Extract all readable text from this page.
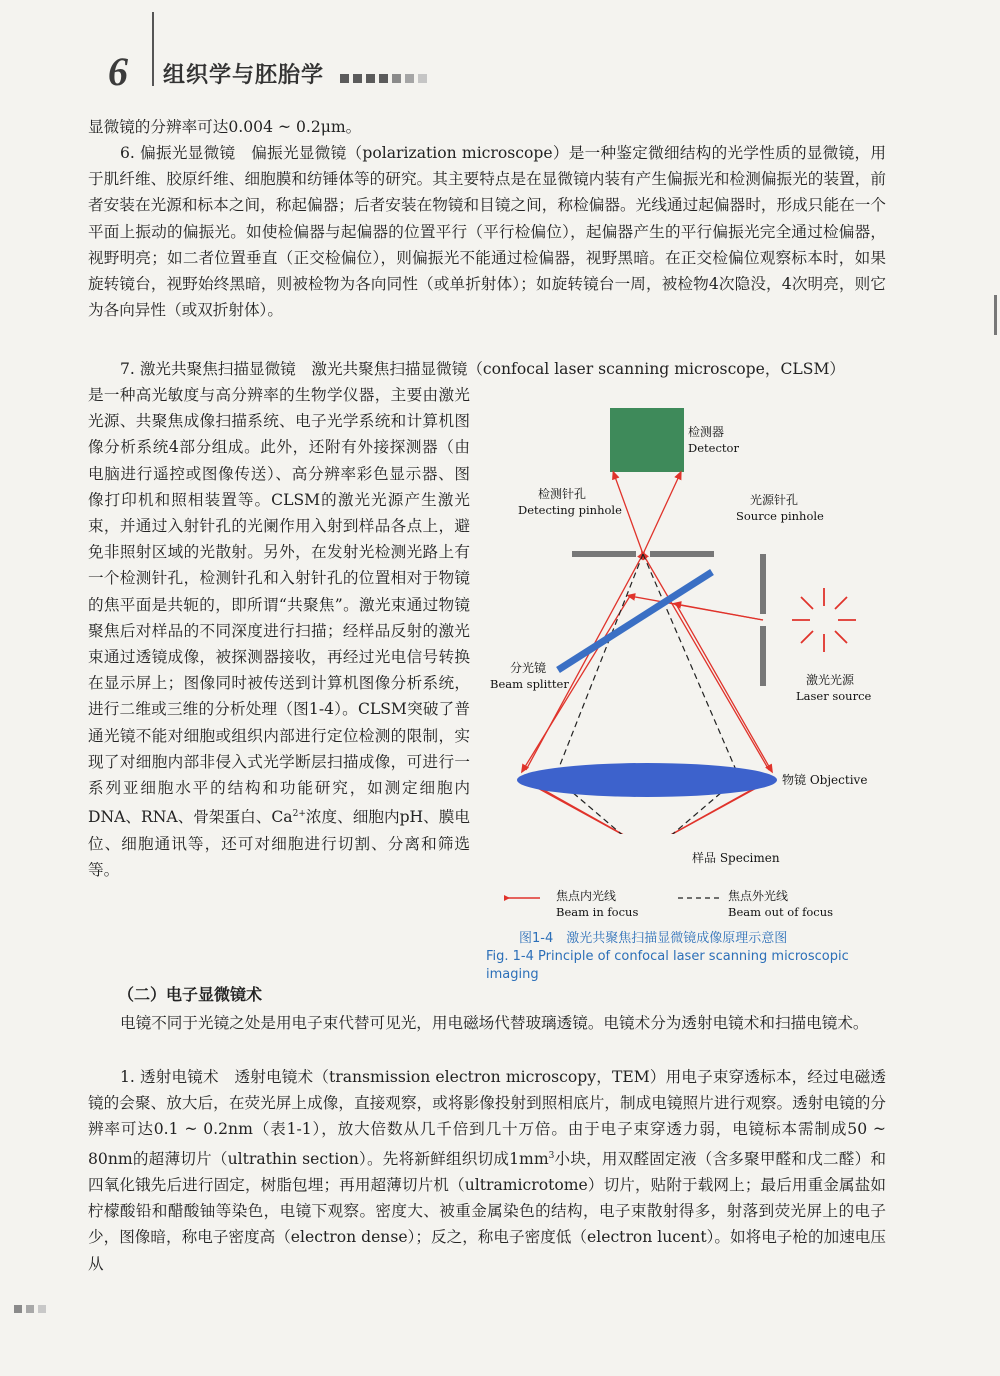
6 组织学与胚胎学

显微镜的分辨率可达0.004 ~ 0.2μm。

6. 偏振光显微镜　偏振光显微镜（polarization microscope）是一种鉴定微细结构的光学性质的显微镜，用于肌纤维、胶原纤维、细胞膜和纺锤体等的研究。其主要特点是在显微镜内装有产生偏振光和检测偏振光的装置，前者安装在光源和标本之间，称起偏器；后者安装在物镜和目镜之间，称检偏器。光线通过起偏器时，形成只能在一个平面上振动的偏振光。如使检偏器与起偏器的位置平行（平行检偏位），起偏器产生的平行偏振光完全通过检偏器，视野明亮；如二者位置垂直（正交检偏位），则偏振光不能通过检偏器，视野黑暗。在正交检偏位观察标本时，如果旋转镜台，视野始终黑暗，则被检物为各向同性（或单折射体）；如旋转镜台一周，被检物4次隐没，4次明亮，则它为各向异性（或双折射体）。

7. 激光共聚焦扫描显微镜　激光共聚焦扫描显微镜（confocal laser scanning microscope，CLSM）

是一种高光敏度与高分辨率的生物学仪器，主要由激光光源、共聚焦成像扫描系统、电子光学系统和计算机图像分析系统4部分组成。此外，还附有外接探测器（由电脑进行遥控或图像传送）、高分辨率彩色显示器、图像打印机和照相装置等。CLSM的激光光源产生激光束，并通过入射针孔的光阑作用入射到样品各点上，避免非照射区域的光散射。另外，在发射光检测光路上有一个检测针孔，检测针孔和入射针孔的位置相对于物镜的焦平面是共轭的，即所谓“共聚焦”。激光束通过物镜聚焦后对样品的不同深度进行扫描；经样品反射的激光束通过透镜成像，被探测器接收，再经过光电信号转换在显示屏上；图像同时被传送到计算机图像分析系统，进行二维或三维的分析处理（图1-4）。CLSM突破了普通光镜不能对细胞或组织内部进行定位检测的限制，实现了对细胞内部非侵入式光学断层扫描成像，可进行一系列亚细胞水平的结构和功能研究，如测定细胞内DNA、RNA、骨架蛋白、$Ca^{2+}$浓度、细胞内pH、膜电位、细胞通讯等，还可对细胞进行切割、分离和筛选等。

（二）电子显微镜术

电镜不同于光镜之处是用电子束代替可见光，用电磁场代替玻璃透镜。电镜术分为透射电镜术和扫描电镜术。

1. 透射电镜术　透射电镜术（transmission electron microscopy，TEM）用电子束穿透标本，经过电磁透镜的会聚、放大后，在荧光屏上成像，直接观察，或将影像投射到照相底片，制成电镜照片进行观察。透射电镜的分辨率可达0.1 ~ 0.2nm（表1-1），放大倍数从几千倍到几十万倍。由于电子束穿透力弱，电镜标本需制成50 ~ 80nm的超薄切片（ultrathin section）。先将新鲜组织切成$1mm^3$小块，用双醛固定液（含多聚甲醛和戊二醛）和四氧化锇先后进行固定，树脂包埋；再用超薄切片机（ultramicrotome）切片，贴附于载网上；最后用重金属盐如柠檬酸铅和醋酸铀等染色，电镜下观察。密度大、被重金属染色的结构，电子束散射得多，射落到荧光屏上的电子少，图像暗，称电子密度高（electron dense）；反之，称电子密度低（electron lucent）。如将电子枪的加速电压从

检测器
Detector
检测针孔
Detecting pinhole
光源针孔
Source pinhole
分光镜
Beam splitter	激光光源
Laser source
物镜 Objective
样品 Specimen
焦点内光线
Beam in focus
焦点外光线
Beam out of focus
图1-4　激光共聚焦扫描显微镜成像原理示意图
Fig. 1-4 Principle of confocal laser scanning microscopic imaging
